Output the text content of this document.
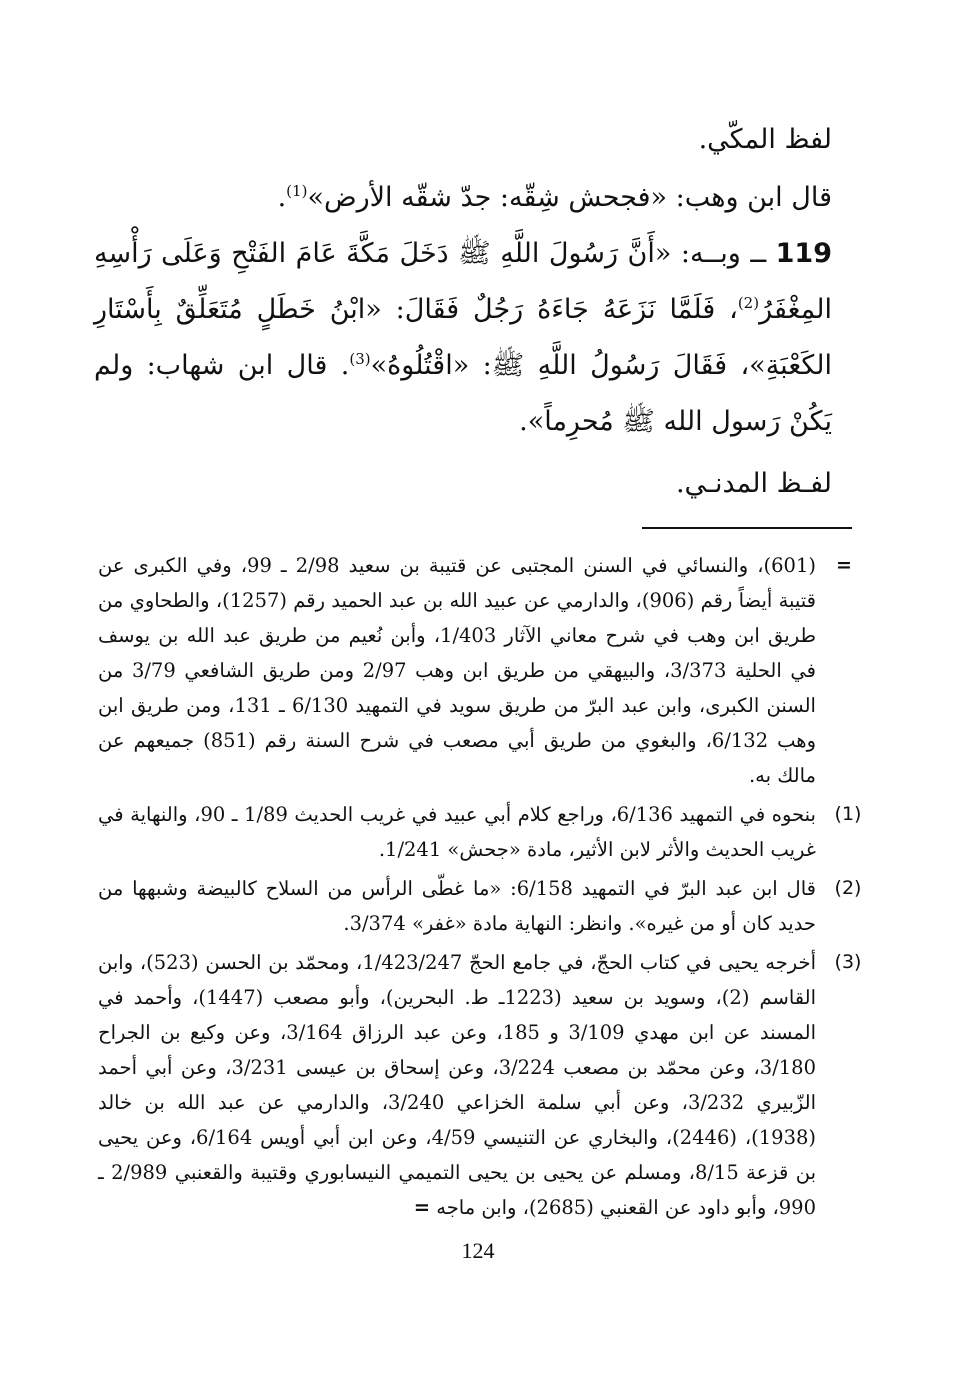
لفظ المكّي.

قال ابن وهب: «فجحش شِقّه: جدّ شقّه الأرض»$^{(1)}$.

119 ــ وبــه: «أَنَّ رَسُولَ اللَّهِ ﷺ دَخَلَ مَكَّةَ عَامَ الفَتْحِ وَعَلَى رَأْسِهِ المِغْفَرُ$^{(2)}$، فَلَمَّا نَزَعَهُ جَاءَهُ رَجُلٌ فَقَالَ: «ابْنُ خَطَلٍ مُتَعَلِّقٌ بِأَسْتَارِ الكَعْبَةِ»، فَقَالَ رَسُولُ اللَّهِ ﷺ: «اقْتُلُوهُ»$^{(3)}$. قال ابن شهاب: ولم يَكُنْ رَسول الله ﷺ مُحرِماً».

لفـظ المدنـي.

=
(601)، والنسائي في السنن المجتبى عن قتيبة بن سعيد 2/98 ـ 99، وفي الكبرى عن قتيبة أيضاً رقم (906)، والدارمي عن عبيد الله بن عبد الحميد رقم (1257)، والطحاوي من طريق ابن وهب في شرح معاني الآثار 1/403، وأبن نُعيم من طريق عبد الله بن يوسف في الحلية 3/373، والبيهقي من طريق ابن وهب 2/97 ومن طريق الشافعي 3/79 من السنن الكبرى، وابن عبد البرّ من طريق سويد في التمهيد 6/130 ـ 131، ومن طريق ابن وهب 6/132، والبغوي من طريق أبي مصعب في شرح السنة رقم (851) جميعهم عن مالك به.
(1)
بنحوه في التمهيد 6/136، وراجع كلام أبي عبيد في غريب الحديث 1/89 ـ 90، والنهاية في غريب الحديث والأثر لابن الأثير، مادة «جحش» 1/241.
(2)
قال ابن عبد البرّ في التمهيد 6/158: «ما غطّى الرأس من السلاح كالبيضة وشبهها من حديد كان أو من غيره». وانظر: النهاية مادة «غفر» 3/374.
(3)
أخرجه يحيى في كتاب الحجّ، في جامع الحجّ 1/423/247، ومحمّد بن الحسن (523)، وابن القاسم (2)، وسويد بن سعيد (1223ـ ط. البحرين)، وأبو مصعب (1447)، وأحمد في المسند عن ابن مهدي 3/109 و 185، وعن عبد الرزاق 3/164، وعن وكيع بن الجراح 3/180، وعن محمّد بن مصعب 3/224، وعن إسحاق بن عيسى 3/231، وعن أبي أحمد الزّبيري 3/232، وعن أبي سلمة الخزاعي 3/240، والدارمي عن عبد الله بن خالد (1938)، (2446)، والبخاري عن التنيسي 4/59، وعن ابن أبي أويس 6/164، وعن يحيى بن قزعة 8/15، ومسلم عن يحيى بن يحيى التميمي النيسابوري وقتيبة والقعنبي 2/989 ـ 990، وأبو داود عن القعنبي (2685)، وابن ماجه =
124
